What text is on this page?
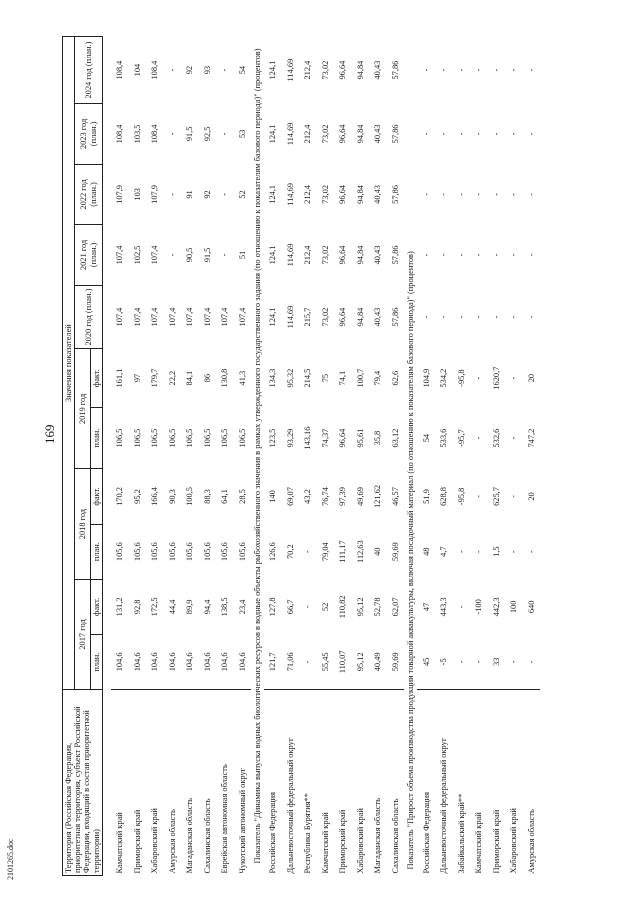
169
2101265.doc	Территория (Российская Федерация, приоритетная территория, субъект Российской Федерации, входящий в состав приоритетной территории)	Значения показателей										
	2017 год		2018 год		2019 год		2020 год (план.)	2021 год (план.)	2022 год (план.)	2023 год (план.)	2024 год (план.)
	план.	факт.	план.	факт.	план.	факт.					

Камчатский край	104,6	131,2	105,6	170,2	106,5	161,1	107,4	107,4	107,9	108,4	108,4
Приморский край	104,6	92,8	105,6	95,2	106,5	97	107,4	102,5	103	103,5	104
Хабаровский край	104,6	172,5	105,6	166,4	106,5	179,7	107,4	107,4	107,9	108,4	108,4
Амурская область	104,6	44,4	105,6	90,3	106,5	22,2	107,4	-	-	-	-
Магаданская область	104,6	89,9	105,6	100,5	106,5	84,1	107,4	90,5	91	91,5	92
Сахалинская область	104,6	94,4	105,6	88,3	106,5	86	107,4	91,5	92	92,5	93
Еврейская автономная область	104,6	138,5	105,6	64,1	106,5	130,8	107,4	-	-	-	-
Чукотский автономный округ	104,6	23,4	105,6	28,5	106,5	41,3	107,4	51	52	53	54
Показатель "Динамика выпуска водных биологических ресурсов в водные объекты рыбохозяйственного значения в рамках утвержденного государственного задания (по отношению к показателям базового периода)" (процентов)											
Российская Федерация	121,7	127,8	126,6	140	123,5	134,3	124,1	124,1	124,1	124,1	124,1
Дальневосточный федеральный округ	71,06	66,7	70,2	69,07	93,29	95,32	114,69	114,69	114,69	114,69	114,69
Республика Бурятия**	-	-	-	43,2	143,16	214,5	215,7	212,4	212,4	212,4	212,4
Камчатский край	55,45	52	79,04	76,74	74,37	75	73,02	73,02	73,02	73,02	73,02
Приморский край	110,07	110,82	111,17	97,39	96,64	74,1	96,64	96,64	96,64	96,64	96,64
Хабаровский край	95,12	95,12	112,63	49,69	95,61	100,7	94,84	94,84	94,84	94,84	94,84
Магаданская область	40,49	52,78	40	121,62	35,8	79,4	40,43	40,43	40,43	40,43	40,43
Сахалинская область	59,69	62,07	59,69	46,57	63,12	62,6	57,86	57,86	57,86	57,86	57,86
Показатель "Прирост объема производства продукции товарной аквакультуры, включая посадочный материал (по отношению к показателям базового периода)" (процентов)											
Российская Федерация	45	47	48	51,9	54	104,9	-	-	-	-	-
Дальневосточный федеральный округ	-5	443,3	4,7	628,8	533,6	534,2	-	-	-	-	-
Забайкальский край**	-	-	-	-95,8	-95,7	-95,8	-	-	-	-	-
Камчатский край	-	-100	-	-	-	-	-	-	-	-	-
Приморский край	33	442,3	1,5	625,7	532,6	1620,7	-	-	-	-	-
Хабаровский край	-	100	-	-	-	-	-	-	-	-	-
Амурская область	-	640	-	20	747,2	20	-	-	-	-	-
